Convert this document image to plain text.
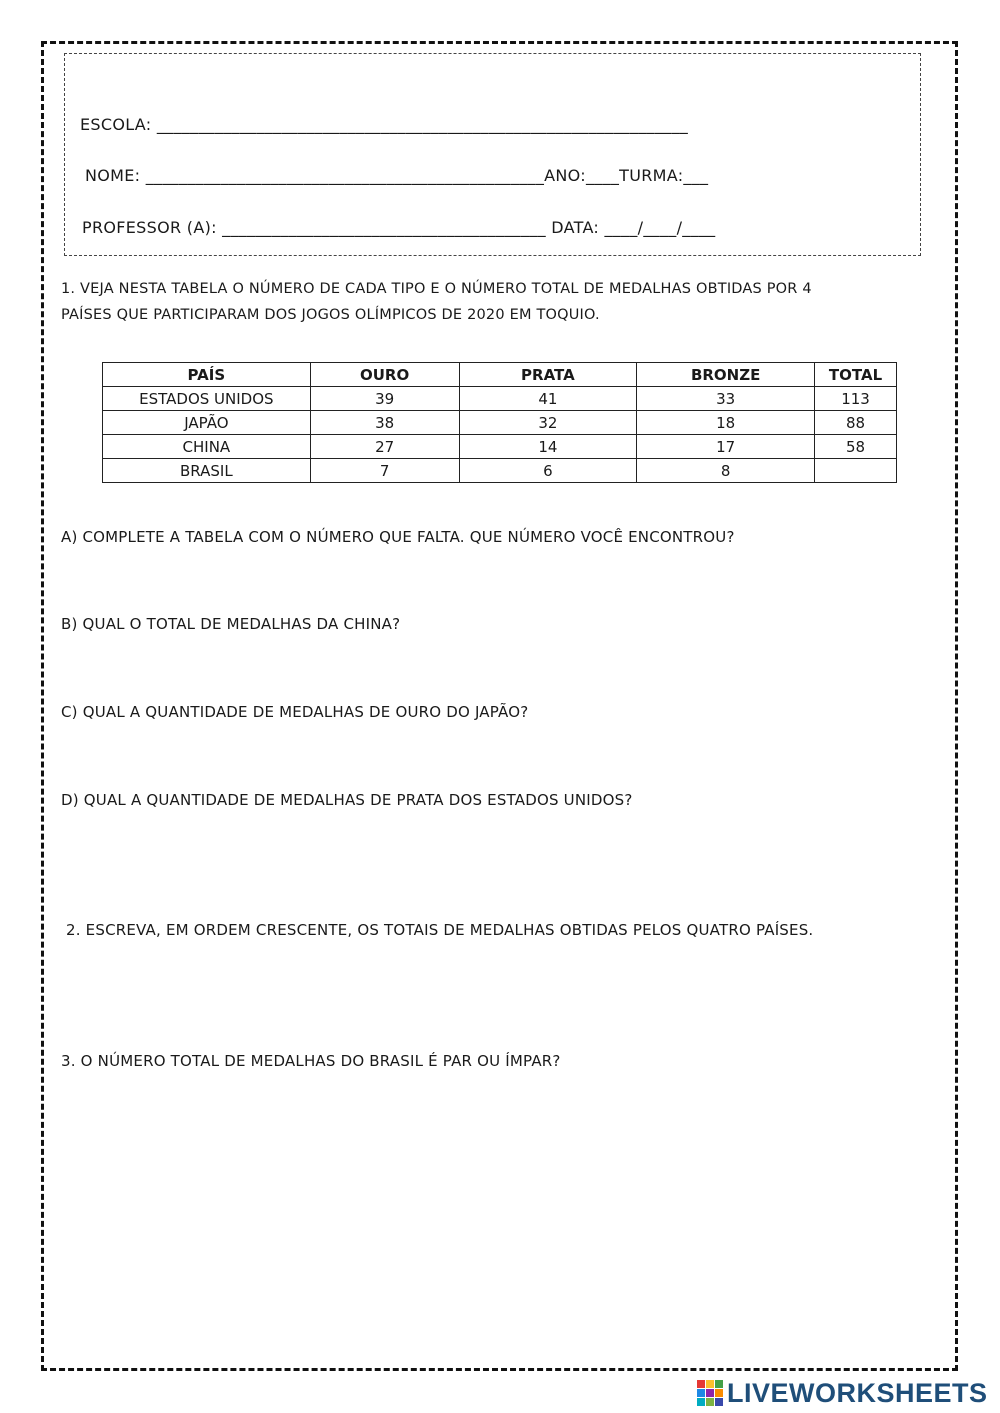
ESCOLA: ________________________________________________________________
NOME: ________________________________________________ANO:____TURMA:___
PROFESSOR (A): _______________________________________ DATA: ____/____/____
1. VEJA NESTA TABELA O NÚMERO DE CADA TIPO E O NÚMERO TOTAL DE MEDALHAS OBTIDAS POR 4
PAÍSES QUE PARTICIPARAM DOS JOGOS OLÍMPICOS DE 2020 EM TOQUIO.
PAÍS	OURO	PRATA	BRONZE	TOTAL
ESTADOS UNIDOS	39	41	33	113
JAPÃO	38	32	18	88
CHINA	27	14	17	58
BRASIL	7	6	8	
A) COMPLETE A TABELA COM O NÚMERO QUE FALTA. QUE NÚMERO VOCÊ ENCONTROU?
B) QUAL O TOTAL DE MEDALHAS DA CHINA?
C) QUAL A QUANTIDADE DE MEDALHAS DE OURO DO JAPÃO?
D) QUAL A QUANTIDADE DE MEDALHAS DE PRATA DOS ESTADOS UNIDOS?
2. ESCREVA, EM ORDEM CRESCENTE, OS TOTAIS DE MEDALHAS OBTIDAS PELOS QUATRO PAÍSES.
3. O NÚMERO TOTAL DE MEDALHAS DO BRASIL É PAR OU ÍMPAR?
LIVEWORKSHEETS
